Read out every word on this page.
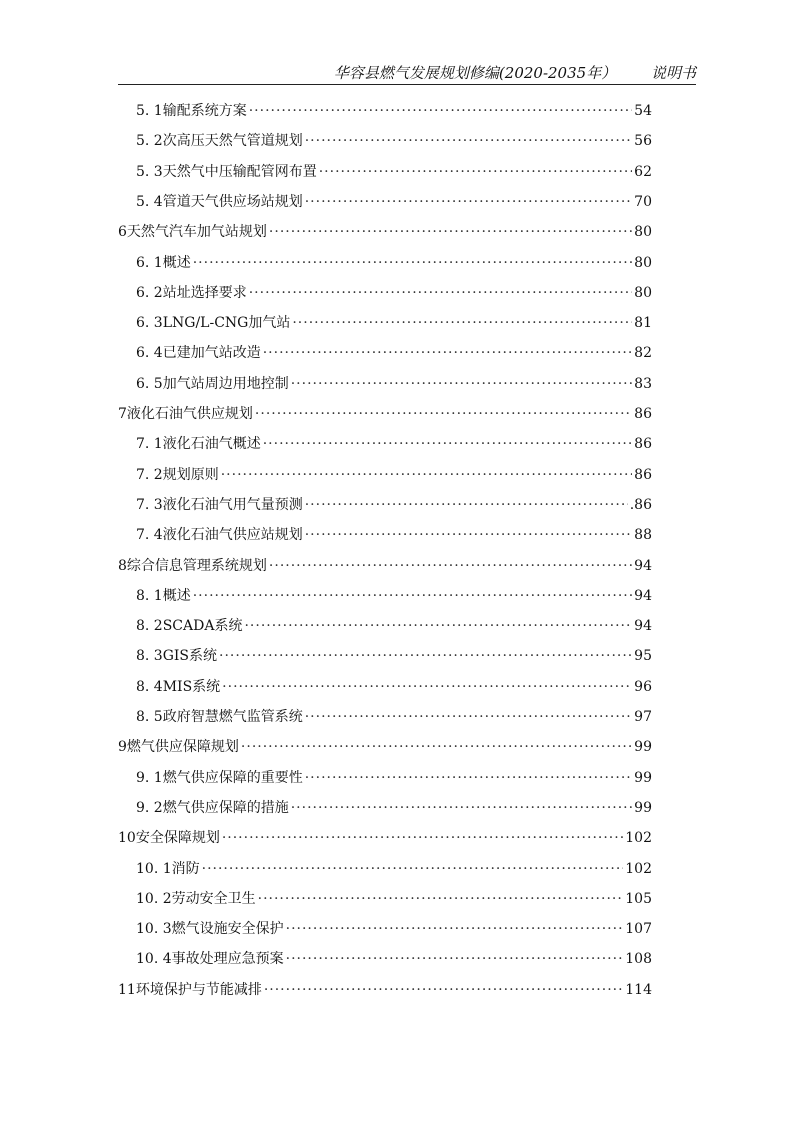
华容县燃气发展规划修编(2020-2035年） 说明书
5. 1输配系统方案 ·····	54
5. 2次高压天然气管道规划 ·····	56
5. 3天然气中压输配管网布置 ·····	62
5. 4管道天气供应场站规划 ·····	70
6天然气汽车加气站规划 ·····	80
6. 1概述 ·····	80
6. 2站址选择要求 ·····	80
6. 3LNG/L-CNG加气站 ·····	81
6. 4已建加气站改造 ·····	82
6. 5加气站周边用地控制 ·····	83
7液化石油气供应规划 ·····	86
7. 1液化石油气概述 ·····	86
7. 2规划原则 ·····	86
7. 3液化石油气用气量预测 ·····	.86
7. 4液化石油气供应站规划 ·····	88
8综合信息管理系统规划 ·····	94
8. 1概述 ·····	94
8. 2SCADA系统 ·····	94
8. 3GIS系统 ·····	95
8. 4MIS系统 ·····	96
8. 5政府智慧燃气监管系统 ·····	97
9燃气供应保障规划 ·····	99
9. 1燃气供应保障的重要性 ·····	99
9. 2燃气供应保障的措施 ·····	99
10安全保障规划 ·····	102
10. 1消防 ·····	102
10. 2劳动安全卫生 ·····	105
10. 3燃气设施安全保护 ·····	107
10. 4事故处理应急预案 ·····	108
11环境保护与节能减排 ·····	114
